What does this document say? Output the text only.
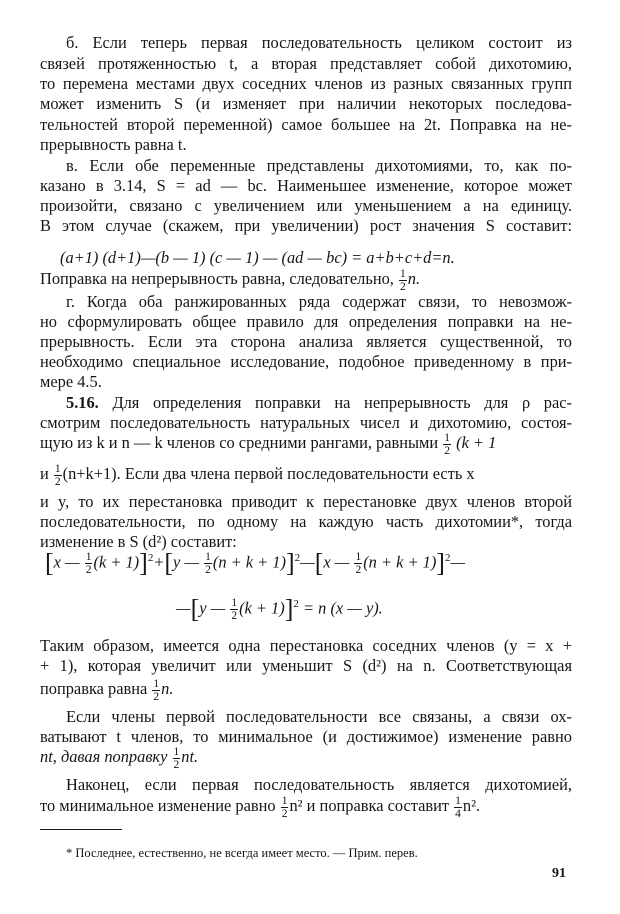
б. Если теперь первая последовательность целиком состоит из
связей протяженностью t, а вторая представляет собой дихотомию,
то перемена местами двух соседних членов из разных связанных групп
может изменить S (и изменяет при наличии некоторых последова-
тельностей второй переменной) самое большее на 2t. Поправка на не-
прерывность равна t.
в. Если обе переменные представлены дихотомиями, то, как по-
казано в 3.14, S = ad — bc. Наименьшее изменение, которое может
произойти, связано с увеличением или уменьшением a на единицу.
В этом случае (скажем, при увеличении) рост значения S составит:
(a+1) (d+1)—(b — 1) (c — 1) — (ad — bc) = a+b+c+d=n.
Поправка на непрерывность равна, следовательно, $\frac{1}{2} n$.
г. Когда оба ранжированных ряда содержат связи, то невозмож-
но сформулировать общее правило для определения поправки на не-
прерывность. Если эта сторона анализа является существенной, то
необходимо специальное исследование, подобное приведенному в при-
мере 4.5.
5.16. Для определения поправки на непрерывность для ρ рас-
смотрим последовательность натуральных чисел и дихотомию, состоя-
щую из k и n — k членов со средними рангами, равными $\frac{1}{2} (k + 1$
и $\frac{1}{2} (n+k+1)$. Если два члена первой последовательности есть x
и y, то их перестановка приводит к перестановке двух членов второй
последовательности, по одному на каждую часть дихотомии*, тогда
изменение в S (d²) составит:
[x — $\frac{1}{2} (k + 1)]^2+[y$ — $\frac{1}{2} (n + k$ + 1)]$^2$—[x — $\frac{1}{2} (n + k$ + 1)]$^2$—
—[y — $\frac{1}{2} (k + 1)]^2 = n$ (x — y).
Таким образом, имеется одна перестановка соседних членов (y = x +
+ 1), которая увеличит или уменьшит S (d²) на n. Соответствующая
поправка равна $\frac{1}{2} n$.
Если члены первой последовательности все связаны, а связи ох-
ватывают t членов, то минимальное (и достижимое) изменение равно
nt, давая поправку $\frac{1}{2}$ nt.
Наконец, если первая последовательность является дихотомией,
то минимальное изменение равно $\frac{1}{2} n^2$ и поправка составит $\frac{1}{4} n^2$.
* Последнее, естественно, не всегда имеет место. — Прим. перев.
91
